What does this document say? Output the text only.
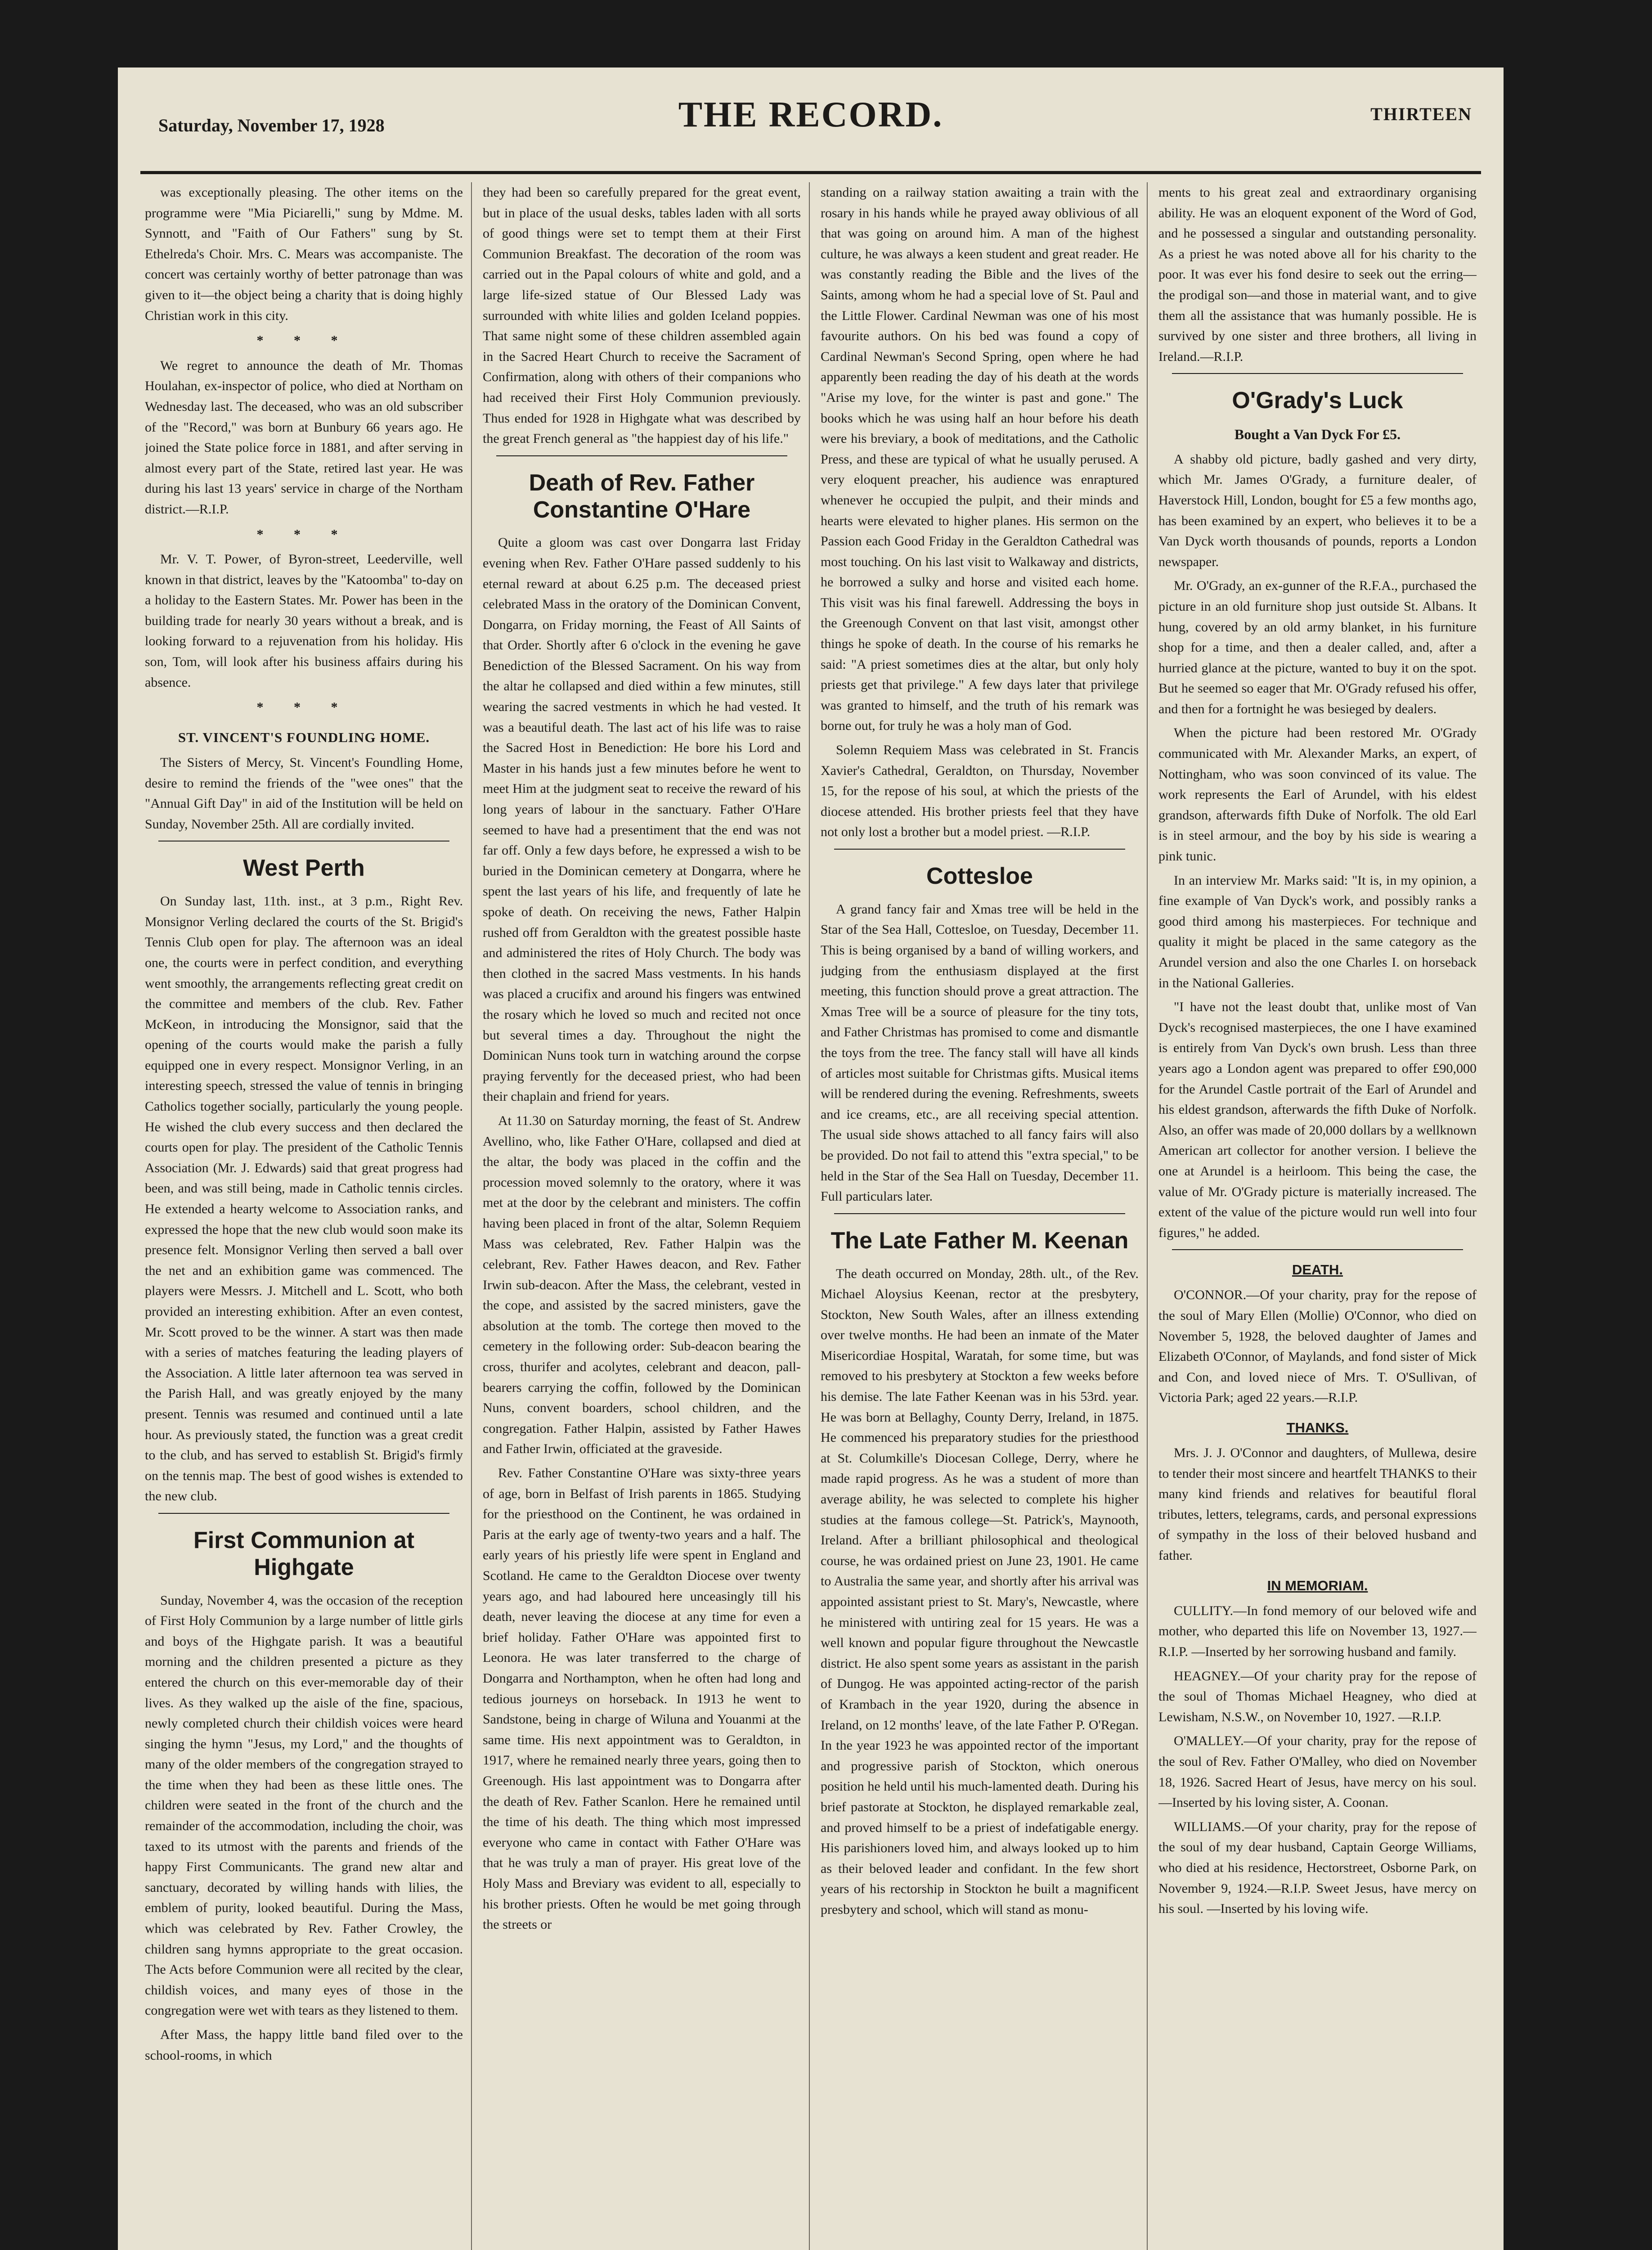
Saturday, November 17, 1928	THE RECORD.	THIRTEEN

was exceptionally pleasing. The other items on the programme were "Mia Piciarelli," sung by Mdme. M. Synnott, and "Faith of Our Fathers" sung by St. Ethelreda's Choir. Mrs. C. Mears was accompaniste. The concert was certainly worthy of better patronage than was given to it—the object being a charity that is doing highly Christian work in this city.

* * *

We regret to announce the death of Mr. Thomas Houlahan, ex-inspector of police, who died at Northam on Wednesday last. The deceased, who was an old subscriber of the "Record," was born at Bunbury 66 years ago. He joined the State police force in 1881, and after serving in almost every part of the State, retired last year. He was during his last 13 years' service in charge of the Northam district.—R.I.P.

* * *

Mr. V. T. Power, of Byron-street, Leederville, well known in that district, leaves by the "Katoomba" to-day on a holiday to the Eastern States. Mr. Power has been in the building trade for nearly 30 years without a break, and is looking forward to a rejuvenation from his holiday. His son, Tom, will look after his business affairs during his absence.

* * *
ST. VINCENT'S FOUNDLING HOME.

The Sisters of Mercy, St. Vincent's Foundling Home, desire to remind the friends of the "wee ones" that the "Annual Gift Day" in aid of the Institution will be held on Sunday, November 25th. All are cordially invited.

West Perth

On Sunday last, 11th. inst., at 3 p.m., Right Rev. Monsignor Verling declared the courts of the St. Brigid's Tennis Club open for play. The afternoon was an ideal one, the courts were in perfect condition, and everything went smoothly, the arrangements reflecting great credit on the committee and members of the club. Rev. Father McKeon, in introducing the Monsignor, said that the opening of the courts would make the parish a fully equipped one in every respect. Monsignor Verling, in an interesting speech, stressed the value of tennis in bringing Catholics together socially, particularly the young people. He wished the club every success and then declared the courts open for play. The president of the Catholic Tennis Association (Mr. J. Edwards) said that great progress had been, and was still being, made in Catholic tennis circles. He extended a hearty welcome to Association ranks, and expressed the hope that the new club would soon make its presence felt. Monsignor Verling then served a ball over the net and an exhibition game was commenced. The players were Messrs. J. Mitchell and L. Scott, who both provided an interesting exhibition. After an even contest, Mr. Scott proved to be the winner. A start was then made with a series of matches featuring the leading players of the Association. A little later afternoon tea was served in the Parish Hall, and was greatly enjoyed by the many present. Tennis was resumed and continued until a late hour. As previously stated, the function was a great credit to the club, and has served to establish St. Brigid's firmly on the tennis map. The best of good wishes is extended to the new club.

First Communion at Highgate

Sunday, November 4, was the occasion of the reception of First Holy Communion by a large number of little girls and boys of the Highgate parish. It was a beautiful morning and the children presented a picture as they entered the church on this ever-memorable day of their lives. As they walked up the aisle of the fine, spacious, newly completed church their childish voices were heard singing the hymn "Jesus, my Lord," and the thoughts of many of the older members of the congregation strayed to the time when they had been as these little ones. The children were seated in the front of the church and the remainder of the accommodation, including the choir, was taxed to its utmost with the parents and friends of the happy First Communicants. The grand new altar and sanctuary, decorated by willing hands with lilies, the emblem of purity, looked beautiful. During the Mass, which was celebrated by Rev. Father Crowley, the children sang hymns appropriate to the great occasion. The Acts before Communion were all recited by the clear, childish voices, and many eyes of those in the congregation were wet with tears as they listened to them.

After Mass, the happy little band filed over to the school-rooms, in which

they had been so carefully prepared for the great event, but in place of the usual desks, tables laden with all sorts of good things were set to tempt them at their First Communion Breakfast. The decoration of the room was carried out in the Papal colours of white and gold, and a large life-sized statue of Our Blessed Lady was surrounded with white lilies and golden Iceland poppies. That same night some of these children assembled again in the Sacred Heart Church to receive the Sacrament of Confirmation, along with others of their companions who had received their First Holy Communion previously. Thus ended for 1928 in Highgate what was described by the great French general as "the happiest day of his life."

Death of Rev. Father Constantine O'Hare

Quite a gloom was cast over Dongarra last Friday evening when Rev. Father O'Hare passed suddenly to his eternal reward at about 6.25 p.m. The deceased priest celebrated Mass in the oratory of the Dominican Convent, Dongarra, on Friday morning, the Feast of All Saints of that Order. Shortly after 6 o'clock in the evening he gave Benediction of the Blessed Sacrament. On his way from the altar he collapsed and died within a few minutes, still wearing the sacred vestments in which he had vested. It was a beautiful death. The last act of his life was to raise the Sacred Host in Benediction: He bore his Lord and Master in his hands just a few minutes before he went to meet Him at the judgment seat to receive the reward of his long years of labour in the sanctuary. Father O'Hare seemed to have had a presentiment that the end was not far off. Only a few days before, he expressed a wish to be buried in the Dominican cemetery at Dongarra, where he spent the last years of his life, and frequently of late he spoke of death. On receiving the news, Father Halpin rushed off from Geraldton with the greatest possible haste and administered the rites of Holy Church. The body was then clothed in the sacred Mass vestments. In his hands was placed a crucifix and around his fingers was entwined the rosary which he loved so much and recited not once but several times a day. Throughout the night the Dominican Nuns took turn in watching around the corpse praying fervently for the deceased priest, who had been their chaplain and friend for years.

At 11.30 on Saturday morning, the feast of St. Andrew Avellino, who, like Father O'Hare, collapsed and died at the altar, the body was placed in the coffin and the procession moved solemnly to the oratory, where it was met at the door by the celebrant and ministers. The coffin having been placed in front of the altar, Solemn Requiem Mass was celebrated, Rev. Father Halpin was the celebrant, Rev. Father Hawes deacon, and Rev. Father Irwin sub-deacon. After the Mass, the celebrant, vested in the cope, and assisted by the sacred ministers, gave the absolution at the tomb. The cortege then moved to the cemetery in the following order: Sub-deacon bearing the cross, thurifer and acolytes, celebrant and deacon, pall-bearers carrying the coffin, followed by the Dominican Nuns, convent boarders, school children, and the congregation. Father Halpin, assisted by Father Hawes and Father Irwin, officiated at the graveside.

Rev. Father Constantine O'Hare was sixty-three years of age, born in Belfast of Irish parents in 1865. Studying for the priesthood on the Continent, he was ordained in Paris at the early age of twenty-two years and a half. The early years of his priestly life were spent in England and Scotland. He came to the Geraldton Diocese over twenty years ago, and had laboured here unceasingly till his death, never leaving the diocese at any time for even a brief holiday. Father O'Hare was appointed first to Leonora. He was later transferred to the charge of Dongarra and Northampton, when he often had long and tedious journeys on horseback. In 1913 he went to Sandstone, being in charge of Wiluna and Youanmi at the same time. His next appointment was to Geraldton, in 1917, where he remained nearly three years, going then to Greenough. His last appointment was to Dongarra after the death of Rev. Father Scanlon. Here he remained until the time of his death. The thing which most impressed everyone who came in contact with Father O'Hare was that he was truly a man of prayer. His great love of the Holy Mass and Breviary was evident to all, especially to his brother priests. Often he would be met going through the streets or

standing on a railway station awaiting a train with the rosary in his hands while he prayed away oblivious of all that was going on around him. A man of the highest culture, he was always a keen student and great reader. He was constantly reading the Bible and the lives of the Saints, among whom he had a special love of St. Paul and the Little Flower. Cardinal Newman was one of his most favourite authors. On his bed was found a copy of Cardinal Newman's Second Spring, open where he had apparently been reading the day of his death at the words "Arise my love, for the winter is past and gone." The books which he was using half an hour before his death were his breviary, a book of meditations, and the Catholic Press, and these are typical of what he usually perused. A very eloquent preacher, his audience was enraptured whenever he occupied the pulpit, and their minds and hearts were elevated to higher planes. His sermon on the Passion each Good Friday in the Geraldton Cathedral was most touching. On his last visit to Walkaway and districts, he borrowed a sulky and horse and visited each home. This visit was his final farewell. Addressing the boys in the Greenough Convent on that last visit, amongst other things he spoke of death. In the course of his remarks he said: "A priest sometimes dies at the altar, but only holy priests get that privilege." A few days later that privilege was granted to himself, and the truth of his remark was borne out, for truly he was a holy man of God.

Solemn Requiem Mass was celebrated in St. Francis Xavier's Cathedral, Geraldton, on Thursday, November 15, for the repose of his soul, at which the priests of the diocese attended. His brother priests feel that they have not only lost a brother but a model priest. —R.I.P.

Cottesloe

A grand fancy fair and Xmas tree will be held in the Star of the Sea Hall, Cottesloe, on Tuesday, December 11. This is being organised by a band of willing workers, and judging from the enthusiasm displayed at the first meeting, this function should prove a great attraction. The Xmas Tree will be a source of pleasure for the tiny tots, and Father Christmas has promised to come and dismantle the toys from the tree. The fancy stall will have all kinds of articles most suitable for Christmas gifts. Musical items will be rendered during the evening. Refreshments, sweets and ice creams, etc., are all receiving special attention. The usual side shows attached to all fancy fairs will also be provided. Do not fail to attend this "extra special," to be held in the Star of the Sea Hall on Tuesday, December 11. Full particulars later.

The Late Father M. Keenan

The death occurred on Monday, 28th. ult., of the Rev. Michael Aloysius Keenan, rector at the presbytery, Stockton, New South Wales, after an illness extending over twelve months. He had been an inmate of the Mater Misericordiae Hospital, Waratah, for some time, but was removed to his presbytery at Stockton a few weeks before his demise. The late Father Keenan was in his 53rd. year. He was born at Bellaghy, County Derry, Ireland, in 1875. He commenced his preparatory studies for the priesthood at St. Columkille's Diocesan College, Derry, where he made rapid progress. As he was a student of more than average ability, he was selected to complete his higher studies at the famous college—St. Patrick's, Maynooth, Ireland. After a brilliant philosophical and theological course, he was ordained priest on June 23, 1901. He came to Australia the same year, and shortly after his arrival was appointed assistant priest to St. Mary's, Newcastle, where he ministered with untiring zeal for 15 years. He was a well known and popular figure throughout the Newcastle district. He also spent some years as assistant in the parish of Dungog. He was appointed acting-rector of the parish of Krambach in the year 1920, during the absence in Ireland, on 12 months' leave, of the late Father P. O'Regan. In the year 1923 he was appointed rector of the important and progressive parish of Stockton, which onerous position he held until his much-lamented death. During his brief pastorate at Stockton, he displayed remarkable zeal, and proved himself to be a priest of indefatigable energy. His parishioners loved him, and always looked up to him as their beloved leader and confidant. In the few short years of his rectorship in Stockton he built a magnificent presbytery and school, which will stand as monu-

ments to his great zeal and extraordinary organising ability. He was an eloquent exponent of the Word of God, and he possessed a singular and outstanding personality. As a priest he was noted above all for his charity to the poor. It was ever his fond desire to seek out the erring—the prodigal son—and those in material want, and to give them all the assistance that was humanly possible. He is survived by one sister and three brothers, all living in Ireland.—R.I.P.

O'Grady's Luck
Bought a Van Dyck For £5.

A shabby old picture, badly gashed and very dirty, which Mr. James O'Grady, a furniture dealer, of Haverstock Hill, London, bought for £5 a few months ago, has been examined by an expert, who believes it to be a Van Dyck worth thousands of pounds, reports a London newspaper.

Mr. O'Grady, an ex-gunner of the R.F.A., purchased the picture in an old furniture shop just outside St. Albans. It hung, covered by an old army blanket, in his furniture shop for a time, and then a dealer called, and, after a hurried glance at the picture, wanted to buy it on the spot. But he seemed so eager that Mr. O'Grady refused his offer, and then for a fortnight he was besieged by dealers.

When the picture had been restored Mr. O'Grady communicated with Mr. Alexander Marks, an expert, of Nottingham, who was soon convinced of its value. The work represents the Earl of Arundel, with his eldest grandson, afterwards fifth Duke of Norfolk. The old Earl is in steel armour, and the boy by his side is wearing a pink tunic.

In an interview Mr. Marks said: "It is, in my opinion, a fine example of Van Dyck's work, and possibly ranks a good third among his masterpieces. For technique and quality it might be placed in the same category as the Arundel version and also the one Charles I. on horseback in the National Galleries.

"I have not the least doubt that, unlike most of Van Dyck's recognised masterpieces, the one I have examined is entirely from Van Dyck's own brush. Less than three years ago a London agent was prepared to offer £90,000 for the Arundel Castle portrait of the Earl of Arundel and his eldest grandson, afterwards the fifth Duke of Norfolk. Also, an offer was made of 20,000 dollars by a wellknown American art collector for another version. I believe the one at Arundel is a heirloom. This being the case, the value of Mr. O'Grady picture is materially increased. The extent of the value of the picture would run well into four figures," he added.

DEATH.

O'CONNOR.—Of your charity, pray for the repose of the soul of Mary Ellen (Mollie) O'Connor, who died on November 5, 1928, the beloved daughter of James and Elizabeth O'Connor, of Maylands, and fond sister of Mick and Con, and loved niece of Mrs. T. O'Sullivan, of Victoria Park; aged 22 years.—R.I.P.

THANKS.

Mrs. J. J. O'Connor and daughters, of Mullewa, desire to tender their most sincere and heartfelt THANKS to their many kind friends and relatives for beautiful floral tributes, letters, telegrams, cards, and personal expressions of sympathy in the loss of their beloved husband and father.

IN MEMORIAM.

CULLITY.—In fond memory of our beloved wife and mother, who departed this life on November 13, 1927.—R.I.P. —Inserted by her sorrowing husband and family.

HEAGNEY.—Of your charity pray for the repose of the soul of Thomas Michael Heagney, who died at Lewisham, N.S.W., on November 10, 1927. —R.I.P.

O'MALLEY.—Of your charity, pray for the repose of the soul of Rev. Father O'Malley, who died on November 18, 1926. Sacred Heart of Jesus, have mercy on his soul. —Inserted by his loving sister, A. Coonan.

WILLIAMS.—Of your charity, pray for the repose of the soul of my dear husband, Captain George Williams, who died at his residence, Hectorstreet, Osborne Park, on November 9, 1924.—R.I.P. Sweet Jesus, have mercy on his soul. —Inserted by his loving wife.
